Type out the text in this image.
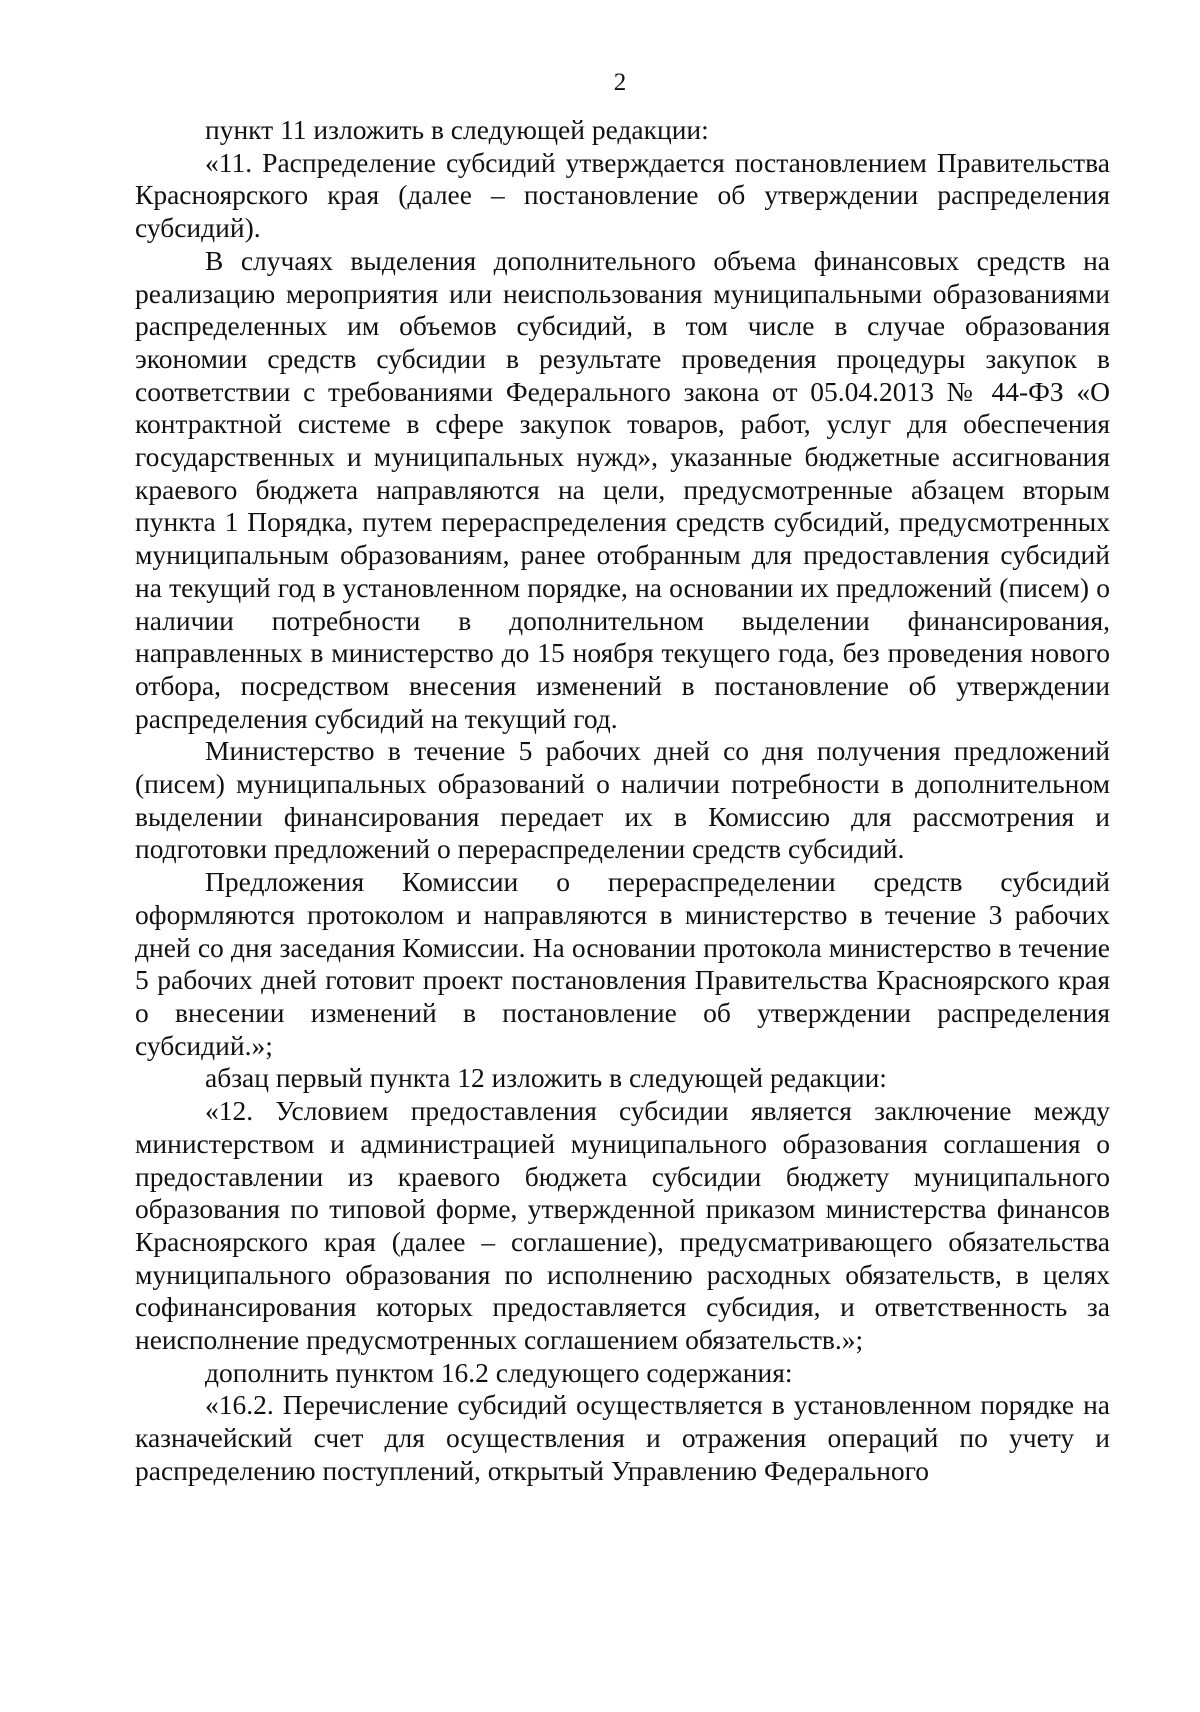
2

пункт 11 изложить в следующей редакции:

«11. Распределение субсидий утверждается постановлением Правительства Красноярского края (далее – постановление об утверждении распределения субсидий).

В случаях выделения дополнительного объема финансовых средств на реализацию мероприятия или неиспользования муниципальными образованиями распределенных им объемов субсидий, в том числе в случае образования экономии средств субсидии в результате проведения процедуры закупок в соответствии с требованиями Федерального закона от 05.04.2013 № 44-ФЗ «О контрактной системе в сфере закупок товаров, работ, услуг для обеспечения государственных и муниципальных нужд», указанные бюджетные ассигнования краевого бюджета направляются на цели, предусмотренные абзацем вторым пункта 1 Порядка, путем перераспределения средств субсидий, предусмотренных муниципальным образованиям, ранее отобранным для предоставления субсидий на текущий год в установленном порядке, на основании их предложений (писем) о наличии потребности в дополнительном выделении финансирования, направленных в министерство до 15 ноября текущего года, без проведения нового отбора, посредством внесения изменений в постановление об утверждении распределения субсидий на текущий год.

Министерство в течение 5 рабочих дней со дня получения предложений (писем) муниципальных образований о наличии потребности в дополнительном выделении финансирования передает их в Комиссию для рассмотрения и подготовки предложений о перераспределении средств субсидий.

Предложения Комиссии о перераспределении средств субсидий оформляются протоколом и направляются в министерство в течение 3 рабочих дней со дня заседания Комиссии. На основании протокола министерство в течение 5 рабочих дней готовит проект постановления Правительства Красноярского края о внесении изменений в постановление об утверждении распределения субсидий.»;

абзац первый пункта 12 изложить в следующей редакции:

«12. Условием предоставления субсидии является заключение между министерством и администрацией муниципального образования соглашения о предоставлении из краевого бюджета субсидии бюджету муниципального образования по типовой форме, утвержденной приказом министерства финансов Красноярского края (далее – соглашение), предусматривающего обязательства муниципального образования по исполнению расходных обязательств, в целях софинансирования которых предоставляется субсидия, и ответственность за неисполнение предусмотренных соглашением обязательств.»;

дополнить пунктом 16.2 следующего содержания:

«16.2. Перечисление субсидий осуществляется в установленном порядке на казначейский счет для осуществления и отражения операций по учету и распределению поступлений, открытый Управлению Федерального
